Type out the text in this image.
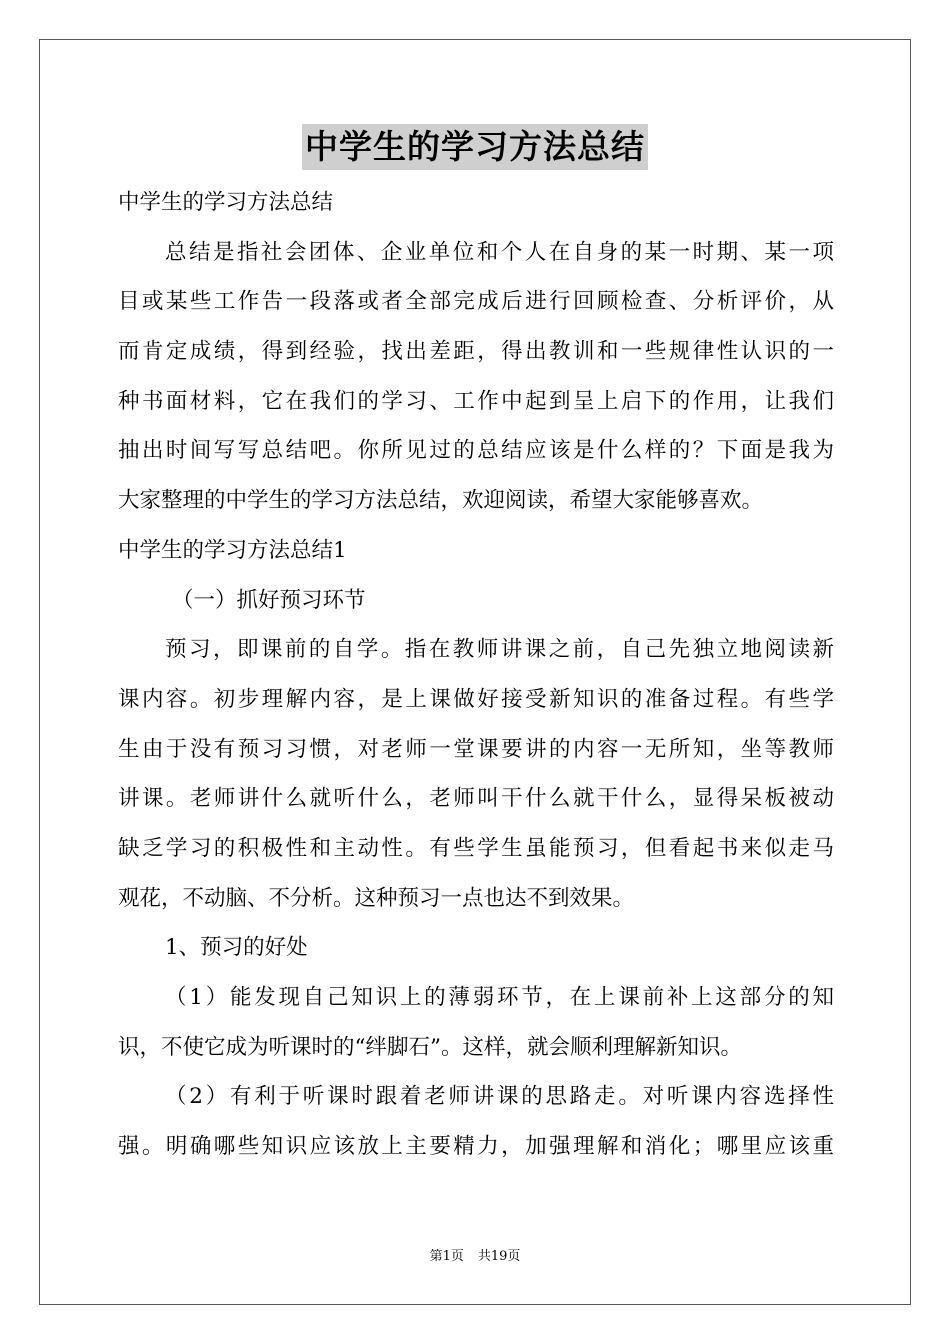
中学生的学习方法总结
中学生的学习方法总结
总结是指社会团体、企业单位和个人在自身的某一时期、某一项
目或某些工作告一段落或者全部完成后进行回顾检查、分析评价，从
而肯定成绩，得到经验，找出差距，得出教训和一些规律性认识的一
种书面材料，它在我们的学习、工作中起到呈上启下的作用，让我们
抽出时间写写总结吧。你所见过的总结应该是什么样的？下面是我为
大家整理的中学生的学习方法总结，欢迎阅读，希望大家能够喜欢。
中学生的学习方法总结1
（一）抓好预习环节
预习，即课前的自学。指在教师讲课之前，自己先独立地阅读新
课内容。初步理解内容，是上课做好接受新知识的准备过程。有些学
生由于没有预习习惯，对老师一堂课要讲的内容一无所知，坐等教师
讲课。老师讲什么就听什么，老师叫干什么就干什么，显得呆板被动
缺乏学习的积极性和主动性。有些学生虽能预习，但看起书来似走马
观花，不动脑、不分析。这种预习一点也达不到效果。
1、预习的好处
（1）能发现自己知识上的薄弱环节，在上课前补上这部分的知
识，不使它成为听课时的“绊脚石”。这样，就会顺利理解新知识。
（2）有利于听课时跟着老师讲课的思路走。对听课内容选择性
强。明确哪些知识应该放上主要精力，加强理解和消化；哪里应该重
第1页 共19页
